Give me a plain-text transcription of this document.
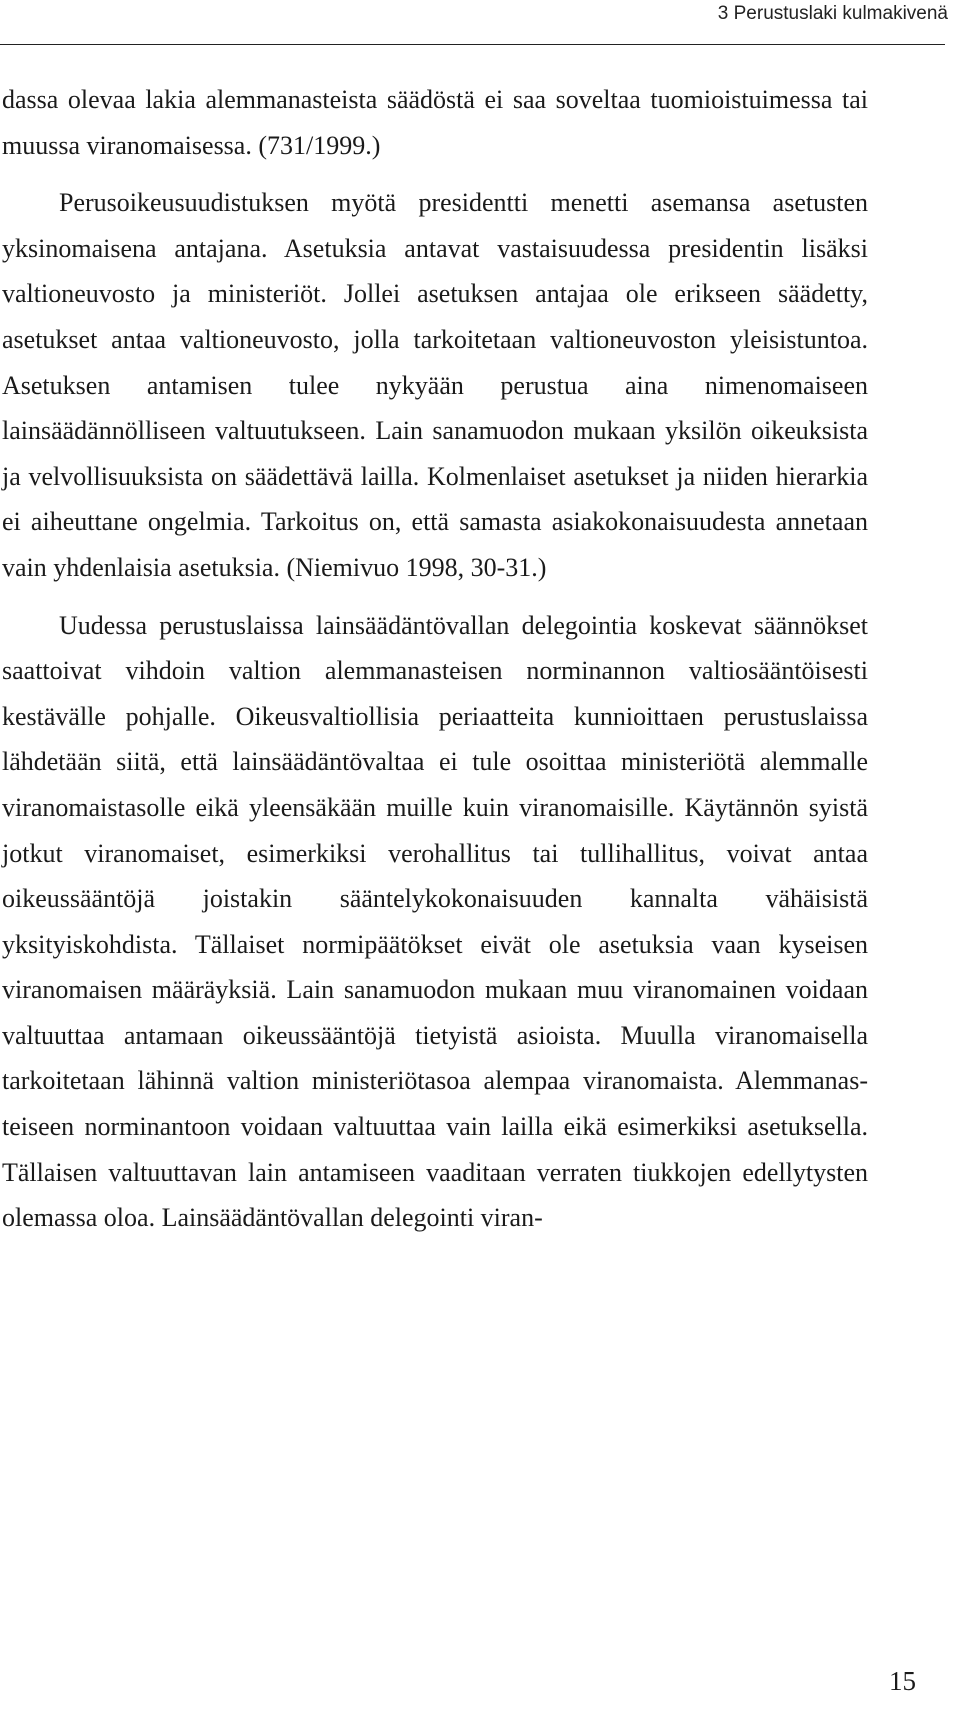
3 Perustuslaki kulmakivenä

dassa olevaa lakia alemmanasteista säädöstä ei saa soveltaa tuomioistuimessa tai muussa viranomaisessa. (731/1999.)

Perusoikeusuudistuksen myötä presidentti menetti asemansa asetusten yksinomaisena antajana. Asetuksia antavat vastaisuudessa presidentin lisäksi valtioneuvosto ja ministeriöt. Jollei asetuksen antajaa ole erikseen säädetty, asetukset antaa valtioneuvosto, jolla tarkoitetaan valtioneuvoston yleisistuntoa. Asetuksen antamisen tulee nykyään perustua aina nimenomaiseen lainsäädännölliseen valtuutukseen. Lain sanamuodon mukaan yksilön oikeuksista ja velvollisuuksista on säädettävä lailla. Kolmenlaiset asetukset ja niiden hierarkia ei aiheuttane ongelmia. Tarkoitus on, että samasta asiakokonaisuudesta annetaan vain yhdenlaisia asetuksia. (Niemivuo 1998, 30-31.)

Uudessa perustuslaissa lainsäädäntövallan delegointia koskevat säännökset saattoivat vihdoin valtion alemmanasteisen norminannon valtiosääntöisesti kestävälle pohjalle. Oikeusvaltiollisia periaatteita kunnioittaen perustuslaissa lähdetään siitä, että lainsäädäntövaltaa ei tule osoittaa ministeriötä alemmalle viranomaistasolle eikä yleensäkään muille kuin viranomaisille. Käytännön syistä jotkut viranomaiset, esimerkiksi verohallitus tai tullihallitus, voivat antaa oikeussääntöjä joistakin sääntelykokonaisuuden kannalta vähäisistä yksityiskohdista. Tällaiset normipäätökset eivät ole asetuksia vaan kyseisen viranomaisen määräyksiä. Lain sanamuodon mukaan muu viranomainen voidaan valtuuttaa antamaan oikeussääntöjä tietyistä asioista. Muulla viranomaisella tarkoitetaan lähinnä valtion ministeriötasoa alempaa viranomaista. Alemmanasteiseen norminantoon voidaan valtuuttaa vain lailla eikä esimerkiksi asetuksella. Tällaisen valtuuttavan lain antamiseen vaaditaan verraten tiukkojen edellytysten olemassa oloa. Lainsäädäntövallan delegointi viran-

15
